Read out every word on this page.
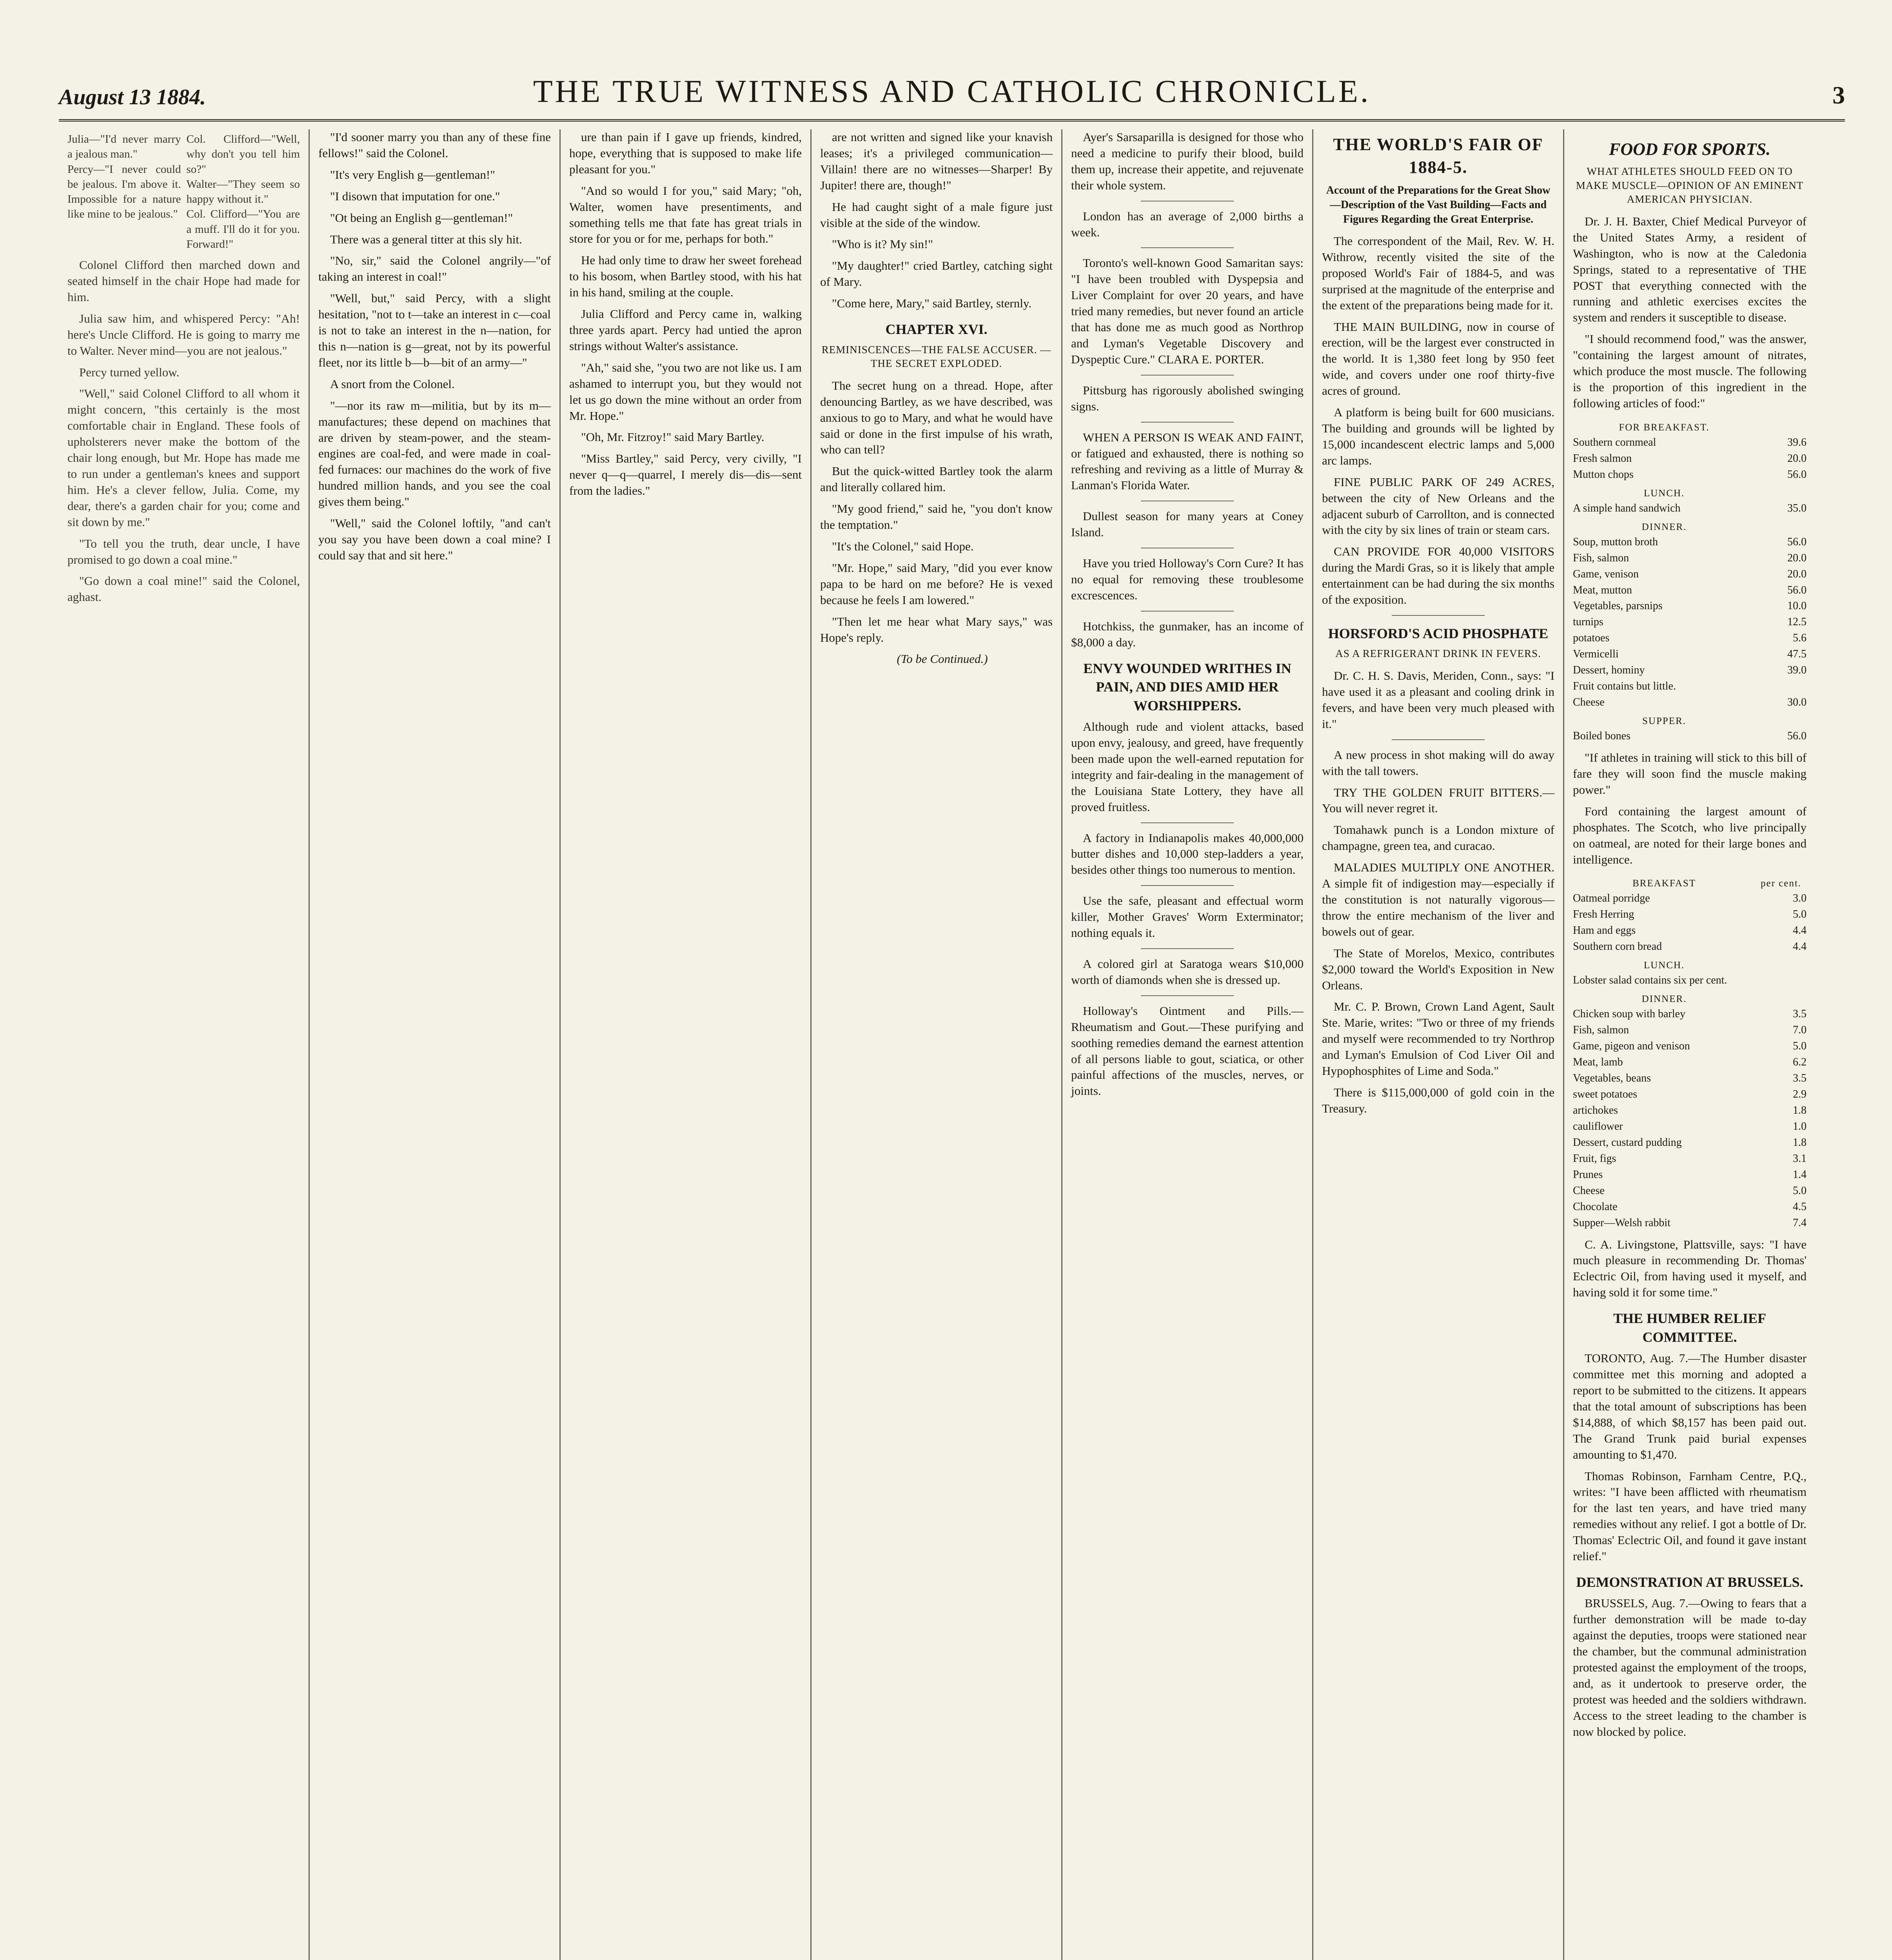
August 13 1884.	THE TRUE WITNESS AND CATHOLIC CHRONICLE.	3
Julia—"I'd never marry a jealous man."
Percy—"I never could be jealous. I'm above it. Impossible for a nature like mine to be jealous."
Col. Clifford—"Well, why don't you tell him so?"
Walter—"They seem so happy without it."
Col. Clifford—"You are a muff. I'll do it for you. Forward!"

Colonel Clifford then marched down and seated himself in the chair Hope had made for him.

Julia saw him, and whispered Percy: "Ah! here's Uncle Clifford. He is going to marry me to Walter. Never mind—you are not jealous."

Percy turned yellow.

"Well," said Colonel Clifford to all whom it might concern, "this certainly is the most comfortable chair in England. These fools of upholsterers never make the bottom of the chair long enough, but Mr. Hope has made me to run under a gentleman's knees and support him. He's a clever fellow, Julia. Come, my dear, there's a garden chair for you; come and sit down by me."

"To tell you the truth, dear uncle, I have promised to go down a coal mine."

"Go down a coal mine!" said the Colonel, aghast.

"I'd sooner marry you than any of these fine fellows!" said the Colonel.

"It's very English g—gentleman!"

"I disown that imputation for one."

"Ot being an English g—gentleman!"

There was a general titter at this sly hit.

"No, sir," said the Colonel angrily—"of taking an interest in coal!"

"Well, but," said Percy, with a slight hesitation, "not to t—take an interest in c—coal is not to take an interest in the n—nation, for this n—nation is g—great, not by its powerful fleet, nor its little b—b—bit of an army—"

A snort from the Colonel.

"—nor its raw m—militia, but by its m—manufactures; these depend on machines that are driven by steam-power, and the steam-engines are coal-fed, and were made in coal-fed furnaces: our machines do the work of five hundred million hands, and you see the coal gives them being."

"Well," said the Colonel loftily, "and can't you say you have been down a coal mine? I could say that and sit here."

ure than pain if I gave up friends, kindred, hope, everything that is supposed to make life pleasant for you."

"And so would I for you," said Mary; "oh, Walter, women have presentiments, and something tells me that fate has great trials in store for you or for me, perhaps for both."

He had only time to draw her sweet forehead to his bosom, when Bartley stood, with his hat in his hand, smiling at the couple.

Julia Clifford and Percy came in, walking three yards apart. Percy had untied the apron strings without Walter's assistance.

"Ah," said she, "you two are not like us. I am ashamed to interrupt you, but they would not let us go down the mine without an order from Mr. Hope."

"Oh, Mr. Fitzroy!" said Mary Bartley.

"Miss Bartley," said Percy, very civilly, "I never q—q—quarrel, I merely dis—dis—sent from the ladies."

are not written and signed like your knavish leases; it's a privileged communication—Villain! there are no witnesses—Sharper! By Jupiter! there are, though!"

He had caught sight of a male figure just visible at the side of the window.

"Who is it? My sin!"

"My daughter!" cried Bartley, catching sight of Mary.

"Come here, Mary," said Bartley, sternly.

CHAPTER XVI.

REMINISCENCES—THE FALSE ACCUSER. —THE SECRET EXPLODED.

The secret hung on a thread. Hope, after denouncing Bartley, as we have described, was anxious to go to Mary, and what he would have said or done in the first impulse of his wrath, who can tell?

But the quick-witted Bartley took the alarm and literally collared him.

"My good friend," said he, "you don't know the temptation."

"It's the Colonel," said Hope.

"Mr. Hope," said Mary, "did you ever know papa to be hard on me before? He is vexed because he feels I am lowered."

"Then let me hear what Mary says," was Hope's reply.

(To be Continued.)

Ayer's Sarsaparilla is designed for those who need a medicine to purify their blood, build them up, increase their appetite, and rejuvenate their whole system.

London has an average of 2,000 births a week.

Toronto's well-known Good Samaritan says: "I have been troubled with Dyspepsia and Liver Complaint for over 20 years, and have tried many remedies, but never found an article that has done me as much good as Northrop and Lyman's Vegetable Discovery and Dyspeptic Cure." CLARA E. PORTER.

Pittsburg has rigorously abolished swinging signs.

WHEN A PERSON IS WEAK AND FAINT, or fatigued and exhausted, there is nothing so refreshing and reviving as a little of Murray & Lanman's Florida Water.

Dullest season for many years at Coney Island.

Have you tried Holloway's Corn Cure? It has no equal for removing these troublesome excrescences.

Hotchkiss, the gunmaker, has an income of $8,000 a day.

ENVY WOUNDED WRITHES IN PAIN, AND DIES AMID HER WORSHIPPERS.

Although rude and violent attacks, based upon envy, jealousy, and greed, have frequently been made upon the well-earned reputation for integrity and fair-dealing in the management of the Louisiana State Lottery, they have all proved fruitless.

A factory in Indianapolis makes 40,000,000 butter dishes and 10,000 step-ladders a year, besides other things too numerous to mention.

Use the safe, pleasant and effectual worm killer, Mother Graves' Worm Exterminator; nothing equals it.

A colored girl at Saratoga wears $10,000 worth of diamonds when she is dressed up.

Holloway's Ointment and Pills.—Rheumatism and Gout.—These purifying and soothing remedies demand the earnest attention of all persons liable to gout, sciatica, or other painful affections of the muscles, nerves, or joints.

THE WORLD'S FAIR OF 1884-5.

Account of the Preparations for the Great Show—Description of the Vast Building—Facts and Figures Regarding the Great Enterprise.

The correspondent of the Mail, Rev. W. H. Withrow, recently visited the site of the proposed World's Fair of 1884-5, and was surprised at the magnitude of the enterprise and the extent of the preparations being made for it.

THE MAIN BUILDING, now in course of erection, will be the largest ever constructed in the world. It is 1,380 feet long by 950 feet wide, and covers under one roof thirty-five acres of ground.

A platform is being built for 600 musicians. The building and grounds will be lighted by 15,000 incandescent electric lamps and 5,000 arc lamps.

FINE PUBLIC PARK OF 249 ACRES, between the city of New Orleans and the adjacent suburb of Carrollton, and is connected with the city by six lines of train or steam cars.

CAN PROVIDE FOR 40,000 VISITORS during the Mardi Gras, so it is likely that ample entertainment can be had during the six months of the exposition.

HORSFORD'S ACID PHOSPHATE

AS A REFRIGERANT DRINK IN FEVERS.

Dr. C. H. S. Davis, Meriden, Conn., says: "I have used it as a pleasant and cooling drink in fevers, and have been very much pleased with it."

A new process in shot making will do away with the tall towers.

TRY THE GOLDEN FRUIT BITTERS.—You will never regret it.

Tomahawk punch is a London mixture of champagne, green tea, and curacao.

MALADIES MULTIPLY ONE ANOTHER. A simple fit of indigestion may—especially if the constitution is not naturally vigorous—throw the entire mechanism of the liver and bowels out of gear.

The State of Morelos, Mexico, contributes $2,000 toward the World's Exposition in New Orleans.

Mr. C. P. Brown, Crown Land Agent, Sault Ste. Marie, writes: "Two or three of my friends and myself were recommended to try Northrop and Lyman's Emulsion of Cod Liver Oil and Hypophosphites of Lime and Soda."

There is $115,000,000 of gold coin in the Treasury.

FOOD FOR SPORTS.

WHAT ATHLETES SHOULD FEED ON TO MAKE MUSCLE—OPINION OF AN EMINENT AMERICAN PHYSICIAN.

Dr. J. H. Baxter, Chief Medical Purveyor of the United States Army, a resident of Washington, who is now at the Caledonia Springs, stated to a representative of THE POST that everything connected with the running and athletic exercises excites the system and renders it susceptible to disease.

"I should recommend food," was the answer, "containing the largest amount of nitrates, which produce the most muscle. The following is the proportion of this ingredient in the following articles of food:"

FOR BREAKFAST.	
Southern cornmeal	39.6
Fresh salmon	20.0
Mutton chops	56.0
LUNCH.	
A simple hand sandwich	35.0
DINNER.	
Soup, mutton broth	56.0
Fish, salmon	20.0
Game, venison	20.0
Meat, mutton	56.0
Vegetables, parsnips	10.0
turnips	12.5
potatoes	5.6
Vermicelli	47.5
Dessert, hominy	39.0
Fruit contains but little.	
Cheese	30.0
SUPPER.	
Boiled bones	56.0

"If athletes in training will stick to this bill of fare they will soon find the muscle making power."

Ford containing the largest amount of phosphates. The Scotch, who live principally on oatmeal, are noted for their large bones and intelligence.

BREAKFAST	per cent.
Oatmeal porridge	3.0
Fresh Herring	5.0
Ham and eggs	4.4
Southern corn bread	4.4
LUNCH.	
Lobster salad contains six per cent.	
DINNER.	
Chicken soup with barley	3.5
Fish, salmon	7.0
Game, pigeon and venison	5.0
Meat, lamb	6.2
Vegetables, beans	3.5
sweet potatoes	2.9
artichokes	1.8
cauliflower	1.0
Dessert, custard pudding	1.8
Fruit, figs	3.1
Prunes	1.4
Cheese	5.0
Chocolate	4.5
Supper—Welsh rabbit	7.4

C. A. Livingstone, Plattsville, says: "I have much pleasure in recommending Dr. Thomas' Eclectric Oil, from having used it myself, and having sold it for some time."

THE HUMBER RELIEF COMMITTEE.

TORONTO, Aug. 7.—The Humber disaster committee met this morning and adopted a report to be submitted to the citizens. It appears that the total amount of subscriptions has been $14,888, of which $8,157 has been paid out. The Grand Trunk paid burial expenses amounting to $1,470.

Thomas Robinson, Farnham Centre, P.Q., writes: "I have been afflicted with rheumatism for the last ten years, and have tried many remedies without any relief. I got a bottle of Dr. Thomas' Eclectric Oil, and found it gave instant relief."

DEMONSTRATION AT BRUSSELS.

BRUSSELS, Aug. 7.—Owing to fears that a further demonstration will be made to-day against the deputies, troops were stationed near the chamber, but the communal administration protested against the employment of the troops, and, as it undertook to preserve order, the protest was heeded and the soldiers withdrawn. Access to the street leading to the chamber is now blocked by police.
